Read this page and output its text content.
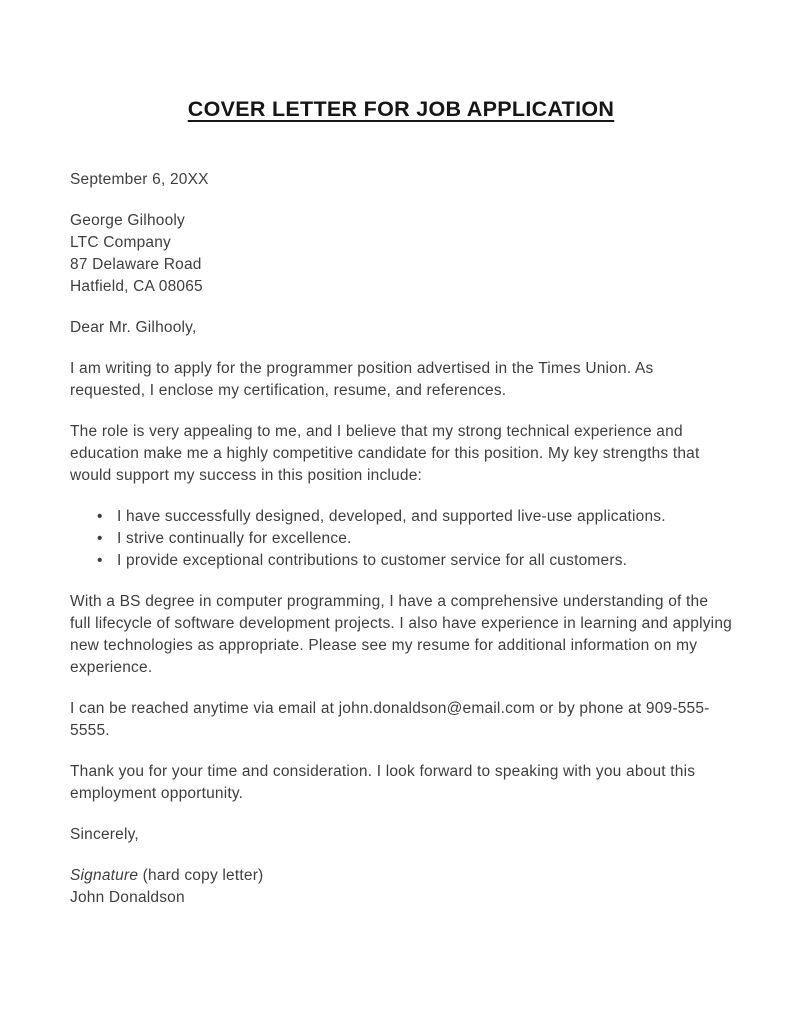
COVER LETTER FOR JOB APPLICATION

September 6, 20XX

George Gilhooly

LTC Company

87 Delaware Road

Hatfield, CA 08065

Dear Mr. Gilhooly,

I am writing to apply for the programmer position advertised in the Times Union. As requested, I enclose my certification, resume, and references.

The role is very appealing to me, and I believe that my strong technical experience and education make me a highly competitive candidate for this position. My key strengths that would support my success in this position include:

• I have successfully designed, developed, and supported live-use applications.
• I strive continually for excellence.
• I provide exceptional contributions to customer service for all customers.

With a BS degree in computer programming, I have a comprehensive understanding of the full lifecycle of software development projects. I also have experience in learning and applying new technologies as appropriate. Please see my resume for additional information on my experience.

I can be reached anytime via email at john.donaldson@email.com or by phone at 909-555-5555.

Thank you for your time and consideration. I look forward to speaking with you about this employment opportunity.

Sincerely,

Signature (hard copy letter)

John Donaldson
